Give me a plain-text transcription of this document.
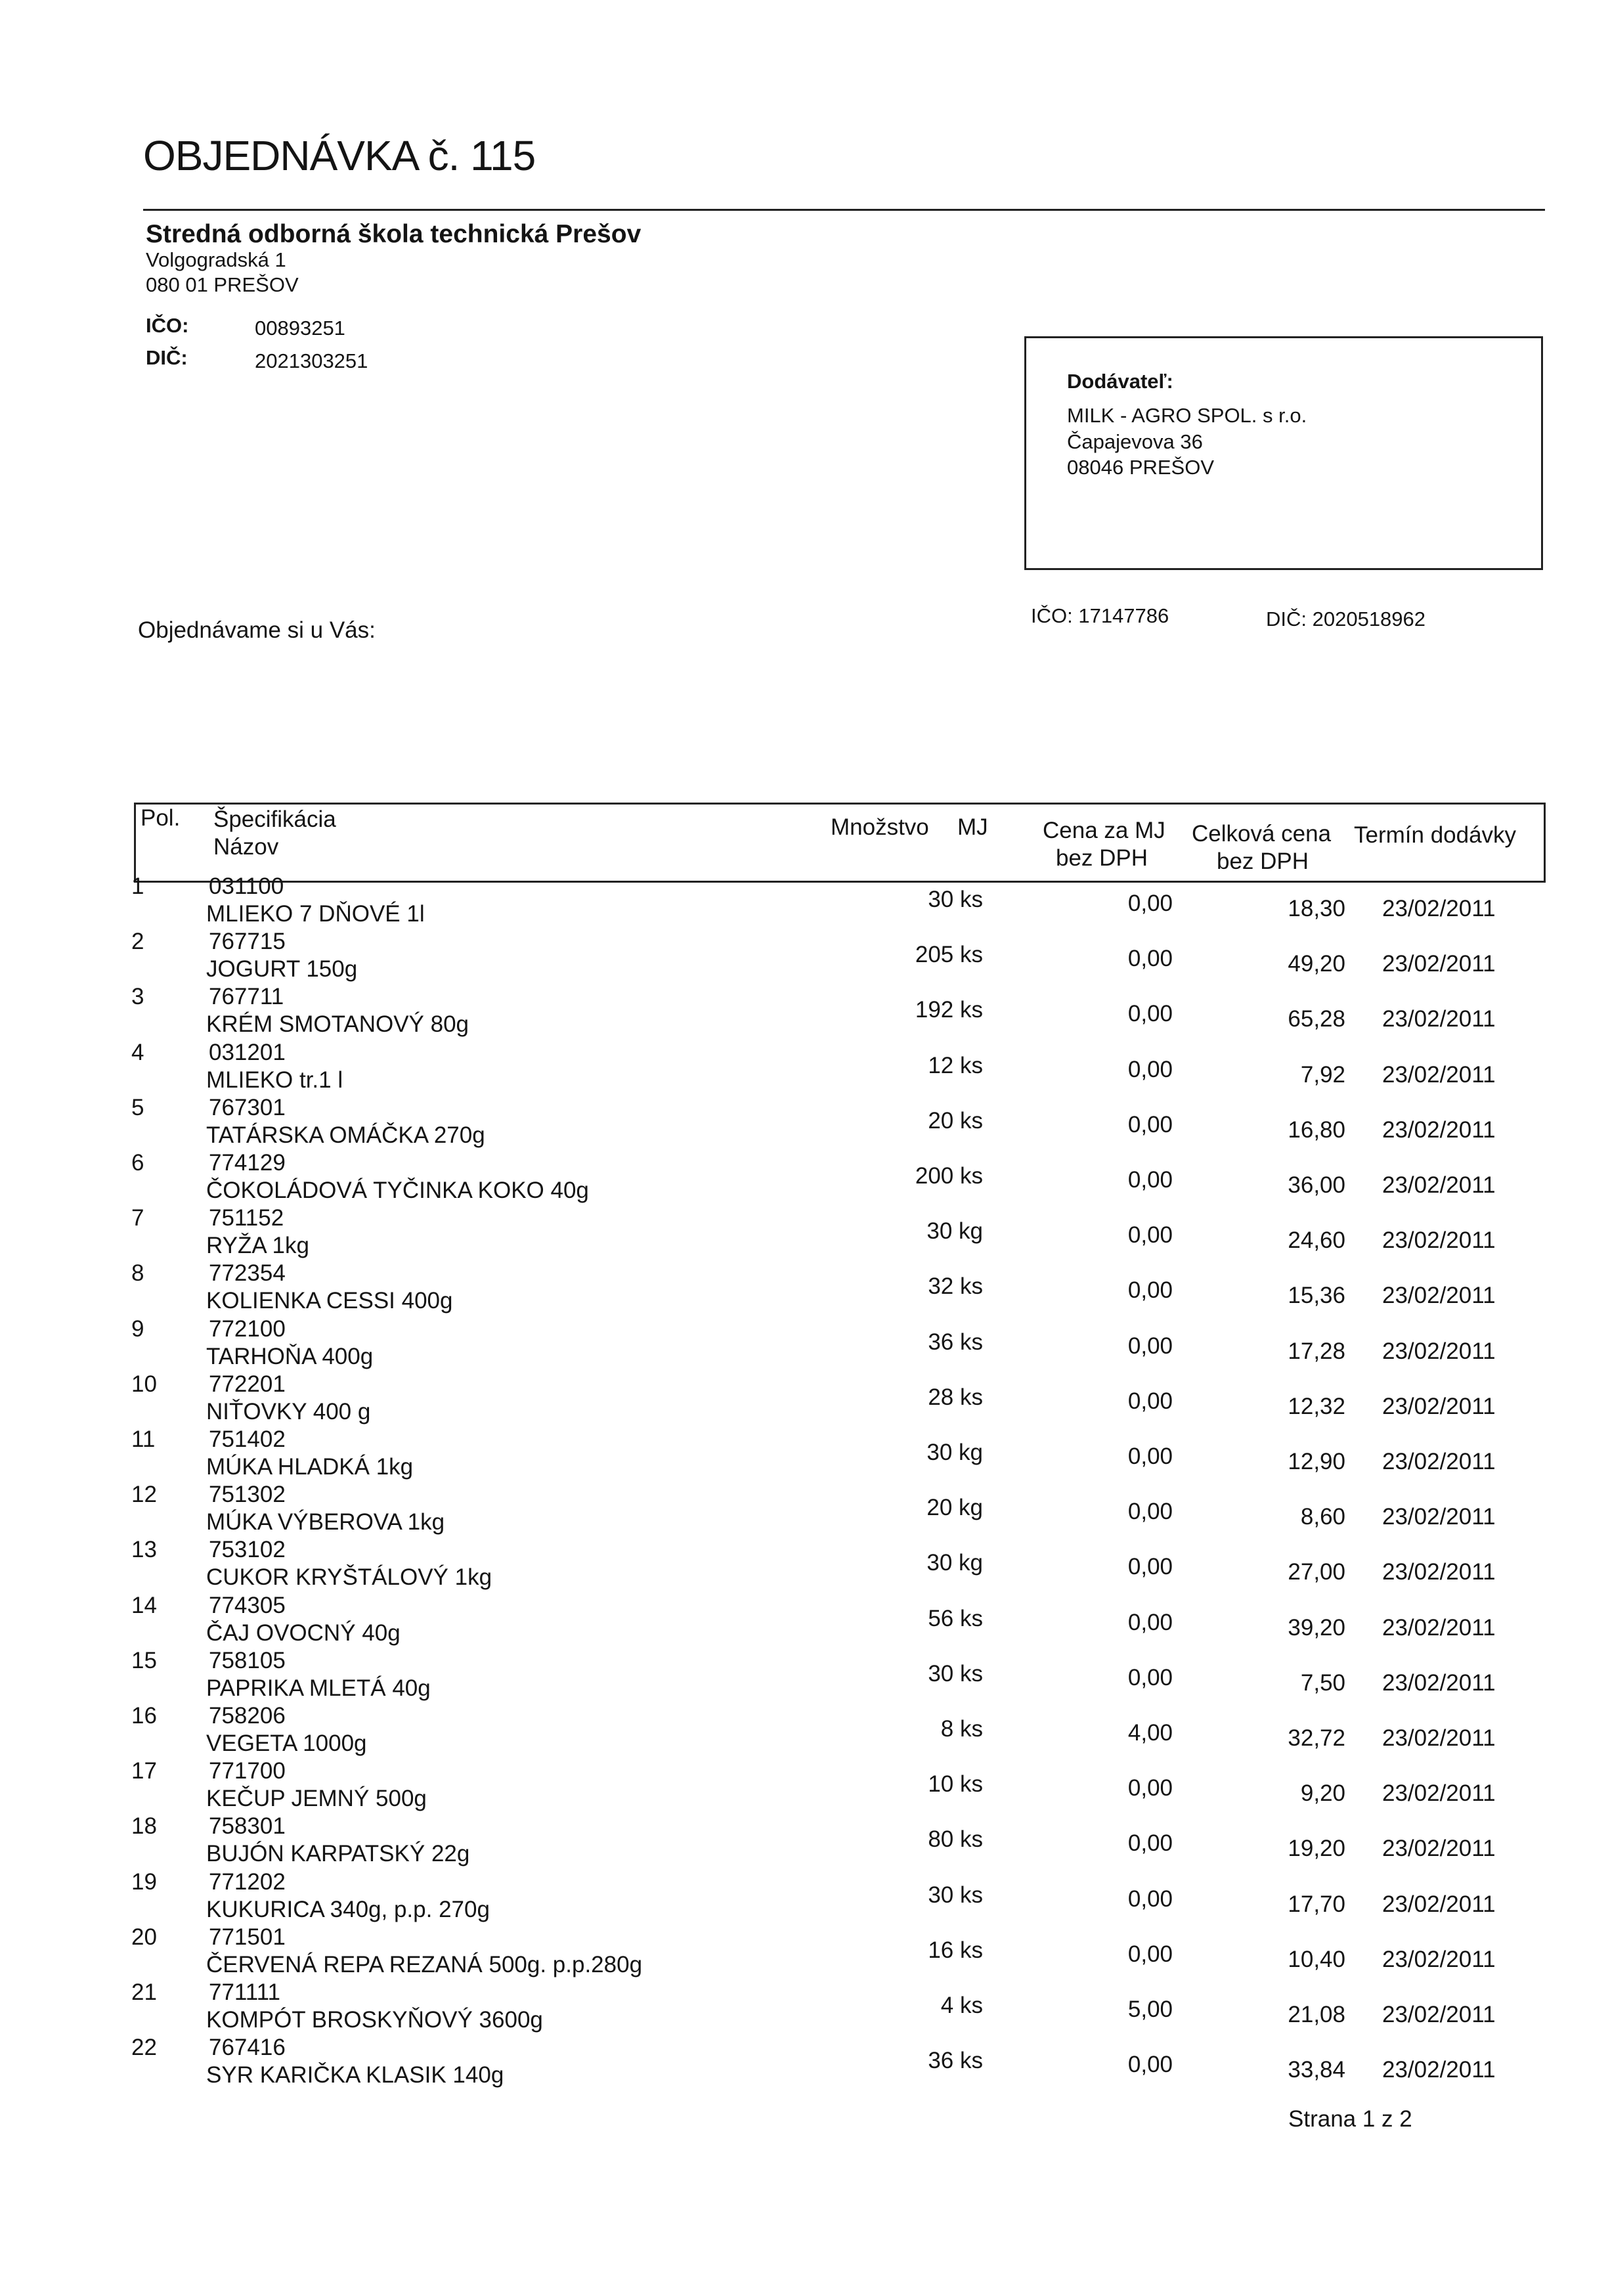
OBJEDNÁVKA č. 115
Stredná odborná škola technická Prešov
Volgogradská 1
080 01 PREŠOV
IČO:	00893251
DIČ:	2021303251
Dodávateľ:
MILK - AGRO SPOL. s r.o.
Čapajevova 36
08046 PREŠOV
Objednávame si u Vás:
IČO: 17147786	DIČ: 2020518962
Pol. Špecifikácia
Názov
Množstvo MJ Cena za MJ
bez DPH
Celková cena
bez DPH
Termín dodávky
1	031100
MLIEKO 7 DŇOVÉ 1l
30 ks	0,00	18,30 23/02/2011
2	767715
JOGURT 150g
205 ks	0,00	49,20 23/02/2011
3	767711
KRÉM SMOTANOVÝ 80g
192 ks	0,00	65,28 23/02/2011
4	031201
MLIEKO tr.1 l
12 ks	0,00	7,92 23/02/2011
5	767301
TATÁRSKA OMÁČKA 270g
20 ks	0,00	16,80 23/02/2011
6	774129
ČOKOLÁDOVÁ TYČINKA KOKO 40g
200 ks	0,00	36,00 23/02/2011
7	751152
RYŽA 1kg
30 kg	0,00	24,60 23/02/2011
8	772354
KOLIENKA CESSI 400g
32 ks	0,00	15,36 23/02/2011
9	772100
TARHOŇA 400g
36 ks	0,00	17,28 23/02/2011
10 772201
NIŤOVKY 400 g
28 ks	0,00	12,32 23/02/2011
11 751402
MÚKA HLADKÁ 1kg
30 kg	0,00	12,90 23/02/2011
12 751302
MÚKA VÝBEROVA 1kg
20 kg	0,00	8,60 23/02/2011
13 753102
CUKOR KRYŠTÁLOVÝ 1kg
30 kg	0,00	27,00 23/02/2011
14 774305
ČAJ OVOCNÝ 40g
56 ks	0,00	39,20 23/02/2011
15 758105
PAPRIKA MLETÁ 40g
30 ks	0,00	7,50 23/02/2011
16 758206
VEGETA 1000g
8 ks	4,00	32,72 23/02/2011
17 771700
KEČUP JEMNÝ 500g
10 ks	0,00	9,20 23/02/2011
18 758301
BUJÓN KARPATSKÝ 22g
80 ks	0,00	19,20 23/02/2011
19 771202
KUKURICA 340g, p.p. 270g
30 ks	0,00	17,70 23/02/2011
20 771501
ČERVENÁ REPA REZANÁ 500g. p.p.280g
16 ks	0,00	10,40 23/02/2011
21 771111
KOMPÓT BROSKYŇOVÝ 3600g
4 ks	5,00	21,08 23/02/2011
22 767416
SYR KARIČKA KLASIK 140g
36 ks	0,00	33,84 23/02/2011
Strana 1 z 2
